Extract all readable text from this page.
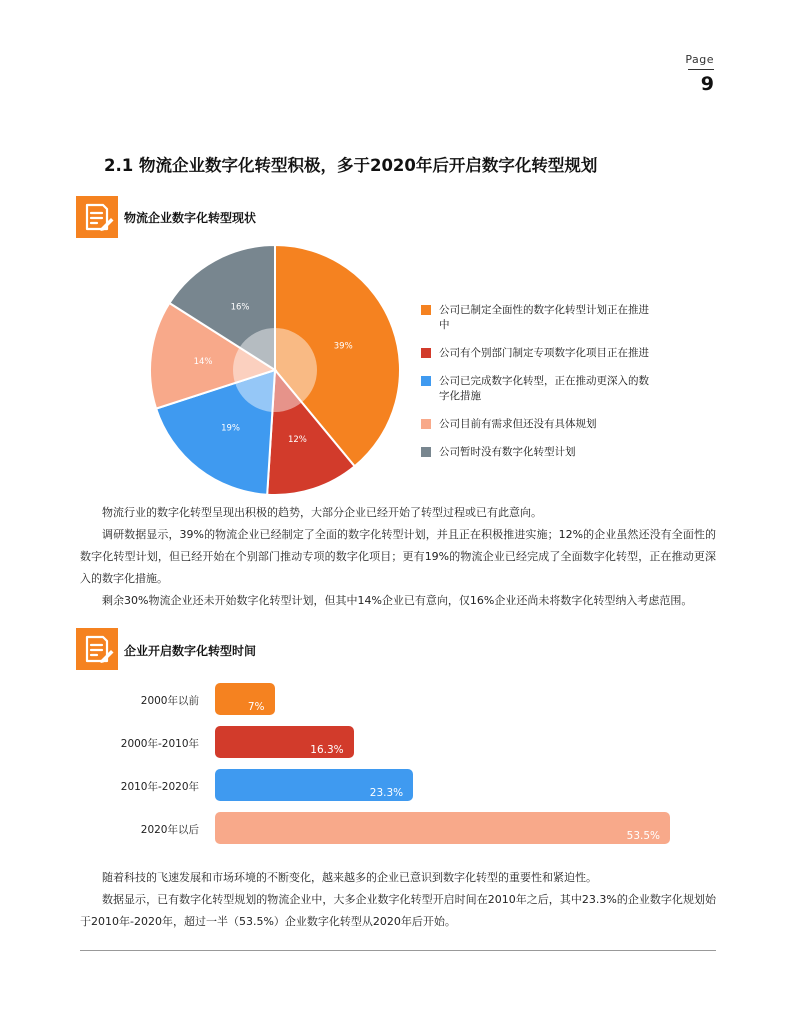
Page
9
2.1 物流企业数字化转型积极，多于2020年后开启数字化转型规划
物流企业数字化转型现状
39%
12%
19%
14%
16%	公司已制定全面性的数字化转型计划正在推进中
公司有个别部门制定专项数字化项目正在推进
公司已完成数字化转型，正在推动更深入的数字化措施
公司目前有需求但还没有具体规划
公司暂时没有数字化转型计划

物流行业的数字化转型呈现出积极的趋势，大部分企业已经开始了转型过程或已有此意向。

调研数据显示，39%的物流企业已经制定了全面的数字化转型计划，并且正在积极推进实施；12%的企业虽然还没有全面性的数字化转型计划，但已经开始在个别部门推动专项的数字化项目；更有19%的物流企业已经完成了全面数字化转型，正在推动更深入的数字化措施。

剩余30%物流企业还未开始数字化转型计划，但其中14%企业已有意向，仅16%企业还尚未将数字化转型纳入考虑范围。

企业开启数字化转型时间
2000年以前	7%
2000年-2010年	16.3%
2010年-2020年	23.3%
2020年以后	53.5%

随着科技的飞速发展和市场环境的不断变化，越来越多的企业已意识到数字化转型的重要性和紧迫性。

数据显示，已有数字化转型规划的物流企业中，大多企业数字化转型开启时间在2010年之后，其中23.3%的企业数字化规划始于2010年-2020年，超过一半（53.5%）企业数字化转型从2020年后开始。
